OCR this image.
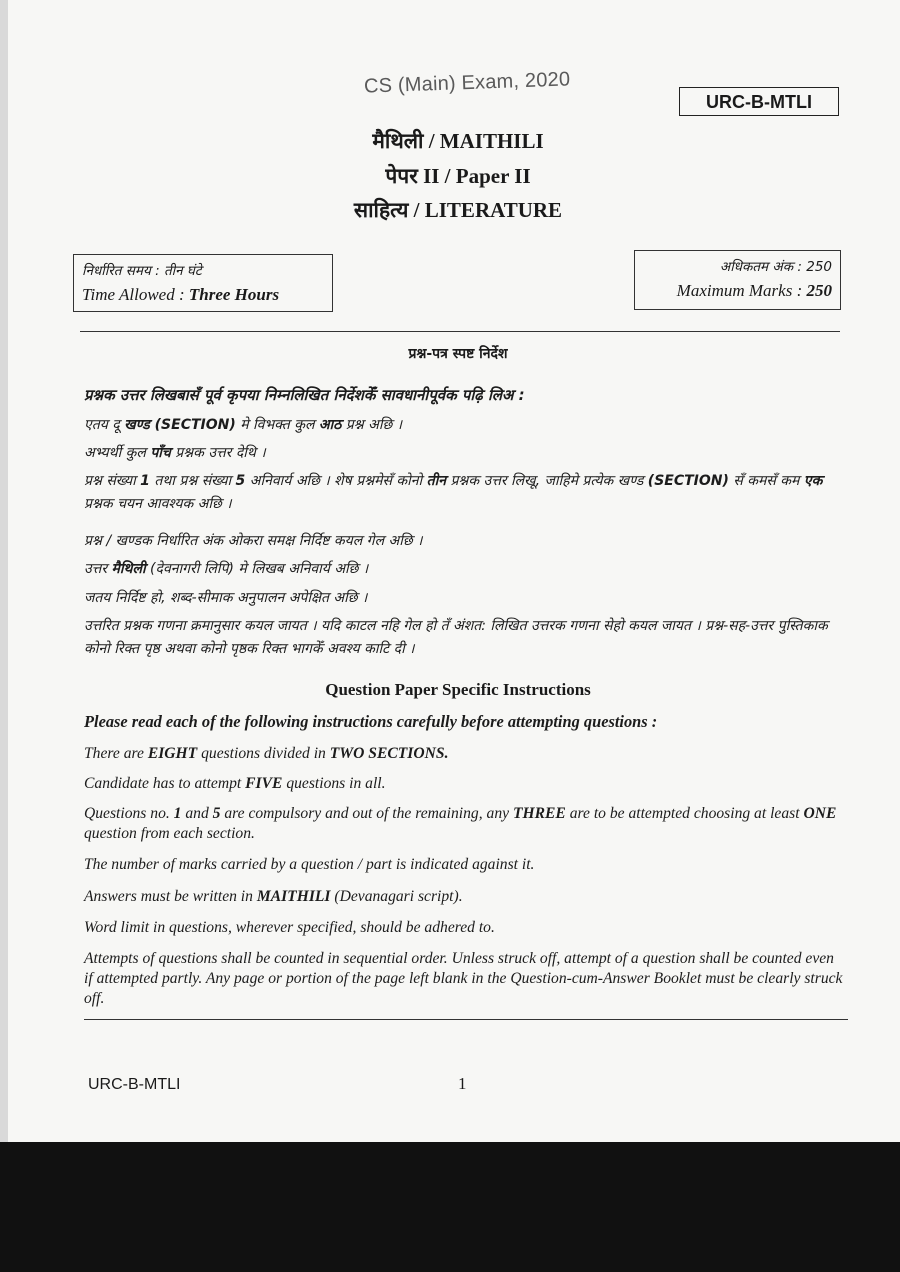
CS (Main) Exam, 2020
URC-B-MTLI
मैथिली / MAITHILI
पेपर II / Paper II
साहित्य / LITERATURE
निर्धारित समय : तीन घंटे
Time Allowed : Three Hours
अधिकतम अंक : 250
Maximum Marks : 250
प्रश्न-पत्र स्पष्ट निर्देश
प्रश्नक उत्तर लिखबासँ पूर्व कृपया निम्नलिखित निर्देशकेँ सावधानीपूर्वक पढ़ि लिअ :
एतय दू खण्ड (SECTION) मे विभक्त कुल आठ प्रश्न अछि ।
अभ्यर्थी कुल पाँच प्रश्नक उत्तर देथि ।
प्रश्न संख्या 1 तथा प्रश्न संख्या 5 अनिवार्य अछि । शेष प्रश्नमेसँ कोनो तीन प्रश्नक उत्तर लिखू, जाहिमे प्रत्येक खण्ड (SECTION) सँ कमसँ कम एक प्रश्नक चयन आवश्यक अछि ।
प्रश्न / खण्डक निर्धारित अंक ओकरा समक्ष निर्दिष्ट कयल गेल अछि ।
उत्तर मैथिली (देवनागरी लिपि) मे लिखब अनिवार्य अछि ।
जतय निर्दिष्ट हो, शब्द-सीमाक अनुपालन अपेक्षित अछि ।
उत्तरित प्रश्नक गणना क्रमानुसार कयल जायत । यदि काटल नहि गेल हो तँ अंशत: लिखित उत्तरक गणना सेहो कयल जायत । प्रश्न-सह-उत्तर पुस्तिकाक कोनो रिक्त पृष्ठ अथवा कोनो पृष्ठक रिक्त भागकेँ अवश्य काटि दी ।
Question Paper Specific Instructions
Please read each of the following instructions carefully before attempting questions :
There are EIGHT questions divided in TWO SECTIONS.
Candidate has to attempt FIVE questions in all.
Questions no. 1 and 5 are compulsory and out of the remaining, any THREE are to be attempted choosing at least ONE question from each section.
The number of marks carried by a question / part is indicated against it.
Answers must be written in MAITHILI (Devanagari script).
Word limit in questions, wherever specified, should be adhered to.
Attempts of questions shall be counted in sequential order. Unless struck off, attempt of a question shall be counted even if attempted partly. Any page or portion of the page left blank in the Question-cum-Answer Booklet must be clearly struck off.
URC-B-MTLI	1
